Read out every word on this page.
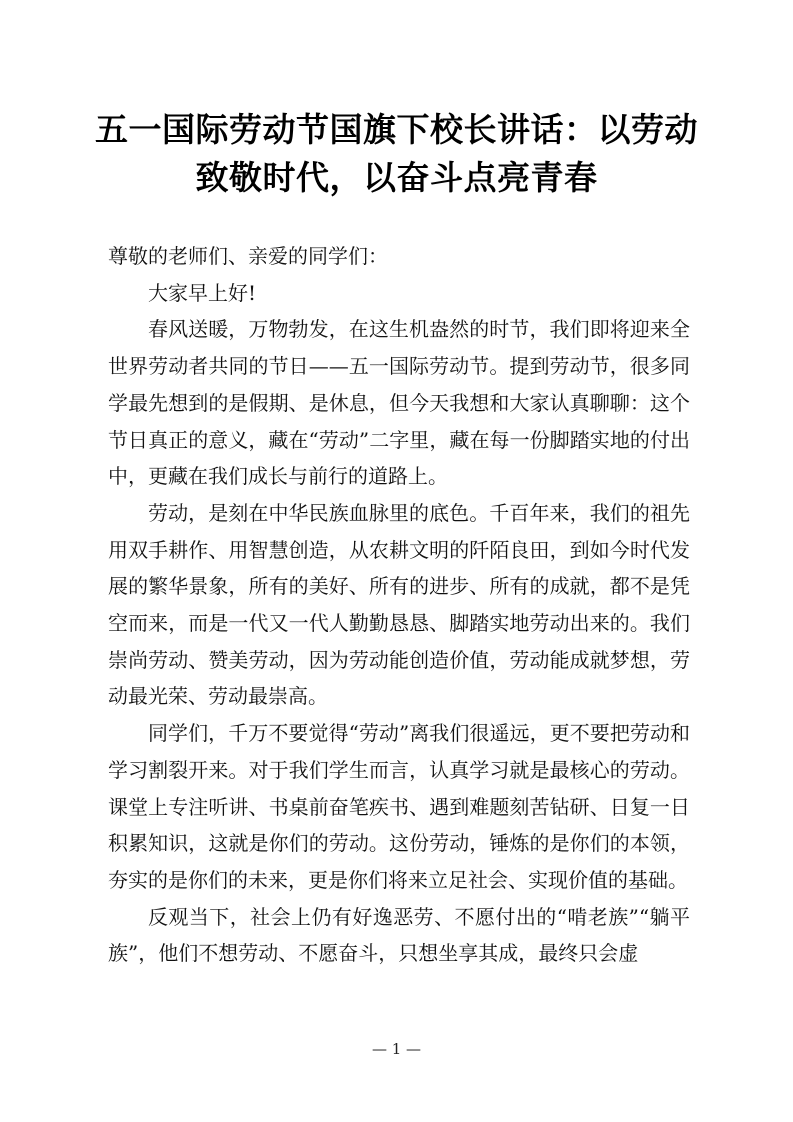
五一国际劳动节国旗下校长讲话：以劳动
致敬时代，以奋斗点亮青春

尊敬的老师们、亲爱的同学们：

大家早上好!

春风送暖，万物勃发，在这生机盎然的时节，我们即将迎来全世界劳动者共同的节日——五一国际劳动节。提到劳动节，很多同学最先想到的是假期、是休息，但今天我想和大家认真聊聊：这个节日真正的意义，藏在“劳动”二字里，藏在每一份脚踏实地的付出中，更藏在我们成长与前行的道路上。

劳动，是刻在中华民族血脉里的底色。千百年来，我们的祖先用双手耕作、用智慧创造，从农耕文明的阡陌良田，到如今时代发展的繁华景象，所有的美好、所有的进步、所有的成就，都不是凭空而来，而是一代又一代人勤勤恳恳、脚踏实地劳动出来的。我们崇尚劳动、赞美劳动，因为劳动能创造价值，劳动能成就梦想，劳动最光荣、劳动最崇高。

同学们，千万不要觉得“劳动”离我们很遥远，更不要把劳动和学习割裂开来。对于我们学生而言，认真学习就是最核心的劳动。课堂上专注听讲、书桌前奋笔疾书、遇到难题刻苦钻研、日复一日积累知识，这就是你们的劳动。这份劳动，锤炼的是你们的本领，夯实的是你们的未来，更是你们将来立足社会、实现价值的基础。

反观当下，社会上仍有好逸恶劳、不愿付出的“啃老族”“躺平族”，他们不想劳动、不愿奋斗，只想坐享其成，最终只会虚

— 1 —
